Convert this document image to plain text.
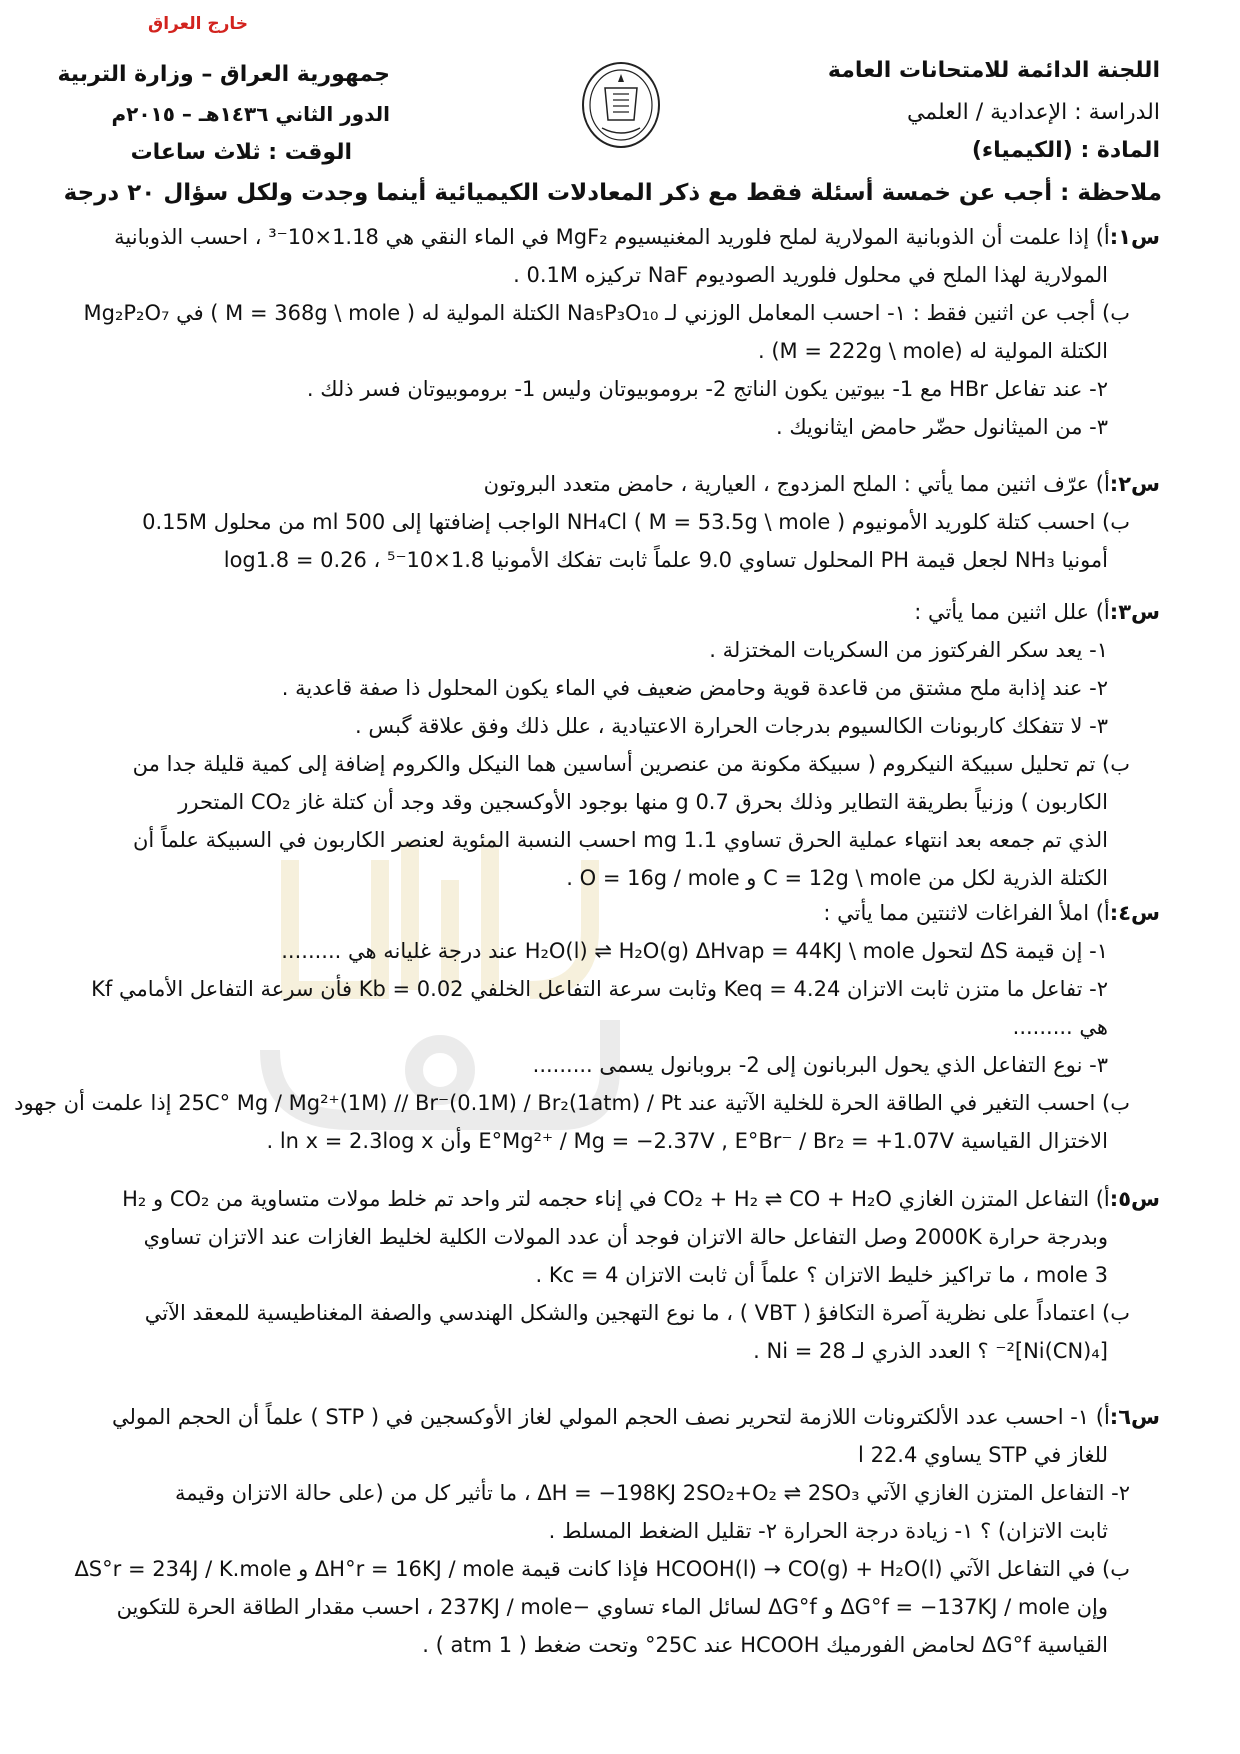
خارج العراق
اللجنة الدائمة للامتحانات العامة
الدراسة : الإعدادية / العلمي
المادة : (الكيمياء)
جمهورية العراق – وزارة التربية
الدور الثاني ١٤٣٦هـ – ٢٠١٥م
الوقت : ثلاث ساعات
ملاحظة : أجب عن خمسة أسئلة فقط مع ذكر المعادلات الكيميائية أينما وجدت ولكل سؤال ٢٠ درجة

س١:أ) إذا علمت أن الذوبانية المولارية لملح فلوريد المغنيسيوم MgF₂ في الماء النقي هي 1.18×10⁻³ ، احسب الذوبانية

المولارية لهذا الملح في محلول فلوريد الصوديوم NaF تركيزه 0.1M .

ب) أجب عن اثنين فقط : ١- احسب المعامل الوزني لـ Na₅P₃O₁₀ الكتلة المولية له ( M = 368g \ mole ) في Mg₂P₂O₇

الكتلة المولية له (M = 222g \ mole) .

٢- عند تفاعل HBr مع 1- بيوتين يكون الناتج 2- بروموبيوتان وليس 1- بروموبيوتان فسر ذلك .

٣- من الميثانول حضّر حامض ايثانويك .

س٢:أ) عرّف اثنين مما يأتي : الملح المزدوج ، العيارية ، حامض متعدد البروتون

ب) احسب كتلة كلوريد الأمونيوم NH₄Cl ( M = 53.5g \ mole ) الواجب إضافتها إلى 500 ml من محلول 0.15M

أمونيا NH₃ لجعل قيمة PH المحلول تساوي 9.0 علماً ثابت تفكك الأمونيا 1.8×10⁻⁵ ، log1.8 = 0.26

س٣:أ) علل اثنين مما يأتي :

١- يعد سكر الفركتوز من السكريات المختزلة .

٢- عند إذابة ملح مشتق من قاعدة قوية وحامض ضعيف في الماء يكون المحلول ذا صفة قاعدية .

٣- لا تتفكك كاربونات الكالسيوم بدرجات الحرارة الاعتيادية ، علل ذلك وفق علاقة گبس .

ب) تم تحليل سبيكة النيكروم ( سبيكة مكونة من عنصرين أساسين هما النيكل والكروم إضافة إلى كمية قليلة جدا من

الكاربون ) وزنياً بطريقة التطاير وذلك بحرق 0.7 g منها بوجود الأوكسجين وقد وجد أن كتلة غاز CO₂ المتحرر

الذي تم جمعه بعد انتهاء عملية الحرق تساوي 1.1 mg احسب النسبة المئوية لعنصر الكاربون في السبيكة علماً أن

الكتلة الذرية لكل من C = 12g \ mole و O = 16g / mole .

س٤:أ) املأ الفراغات لاثنتين مما يأتي :

١- إن قيمة ΔS لتحول H₂O(l) ⇌ H₂O(g) ΔHvap = 44KJ \ mole عند درجة غليانه هي .........

٢- تفاعل ما متزن ثابت الاتزان Keq = 4.24 وثابت سرعة التفاعل الخلفي Kb = 0.02 فأن سرعة التفاعل الأمامي Kf

هي .........

٣- نوع التفاعل الذي يحول البربانون إلى 2- بروبانول يسمى .........

ب) احسب التغير في الطاقة الحرة للخلية الآتية عند 25C° Mg / Mg²⁺(1M) // Br⁻(0.1M) / Br₂(1atm) / Pt إذا علمت أن جهود

الاختزال القياسية E°Mg²⁺ / Mg = −2.37V , E°Br⁻ / Br₂ = +1.07V وأن ln x = 2.3log x .

س٥:أ) التفاعل المتزن الغازي CO₂ + H₂ ⇌ CO + H₂O في إناء حجمه لتر واحد تم خلط مولات متساوية من CO₂ و H₂

وبدرجة حرارة 2000K وصل التفاعل حالة الاتزان فوجد أن عدد المولات الكلية لخليط الغازات عند الاتزان تساوي

3 mole ، ما تراكيز خليط الاتزان ؟ علماً أن ثابت الاتزان Kc = 4 .

ب) اعتماداً على نظرية آصرة التكافؤ ( VBT ) ، ما نوع التهجين والشكل الهندسي والصفة المغناطيسية للمعقد الآتي

[Ni(CN)₄]²⁻ ؟ العدد الذري لـ Ni = 28 .

س٦:أ) ١- احسب عدد الألكترونات اللازمة لتحرير نصف الحجم المولي لغاز الأوكسجين في ( STP ) علماً أن الحجم المولي

للغاز في STP يساوي 22.4 l

٢- التفاعل المتزن الغازي الآتي ΔH = −198KJ 2SO₂+O₂ ⇌ 2SO₃ ، ما تأثير كل من (على حالة الاتزان وقيمة

ثابت الاتزان) ؟ ١- زيادة درجة الحرارة ٢- تقليل الضغط المسلط .

ب) في التفاعل الآتي HCOOH(l) → CO(g) + H₂O(l) فإذا كانت قيمة ΔH°r = 16KJ / mole و ΔS°r = 234J / K.mole

وإن ΔG°f = −137KJ / mole و ΔG°f لسائل الماء تساوي −237KJ / mole ، احسب مقدار الطاقة الحرة للتكوين

القياسية ΔG°f لحامض الفورميك HCOOH عند 25C° وتحت ضغط ( 1 atm ) .
